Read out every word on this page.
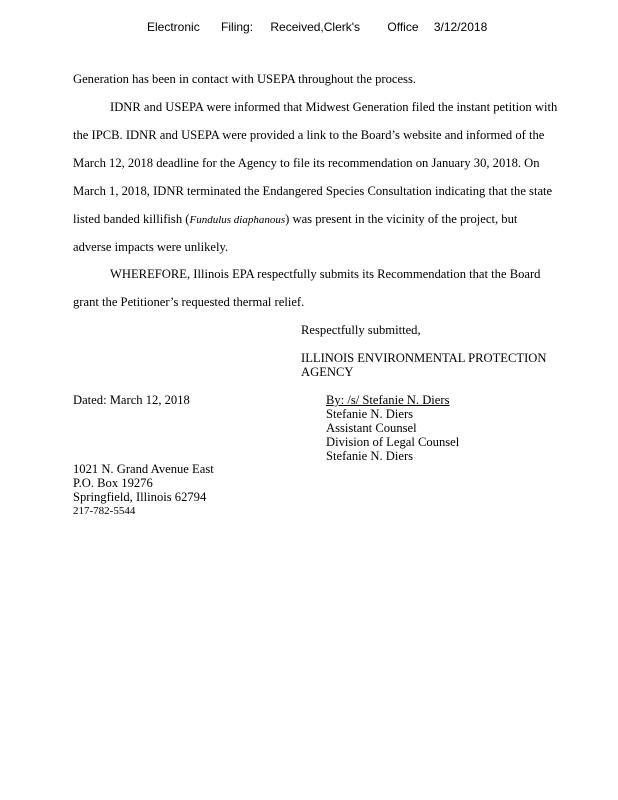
Electronic Filing: Received,Clerk's Office 3/12/2018
Generation has been in contact with USEPA throughout the process.
IDNR and USEPA were informed that Midwest Generation filed the instant petition with
the IPCB. IDNR and USEPA were provided a link to the Board’s website and informed of the
March 12, 2018 deadline for the Agency to file its recommendation on January 30, 2018. On
March 1, 2018, IDNR terminated the Endangered Species Consultation indicating that the state
listed banded killifish (Fundulus diaphanous) was present in the vicinity of the project, but
adverse impacts were unlikely.
WHEREFORE, Illinois EPA respectfully submits its Recommendation that the Board
grant the Petitioner’s requested thermal relief.
Respectfully submitted,
ILLINOIS ENVIRONMENTAL PROTECTION
AGENCY
Dated: March 12, 2018	By: /s/ Stefanie N. Diers
Stefanie N. Diers
Assistant Counsel
Division of Legal Counsel
Stefanie N. Diers
1021 N. Grand Avenue East
P.O. Box 19276
Springfield, Illinois 62794
217-782-5544
